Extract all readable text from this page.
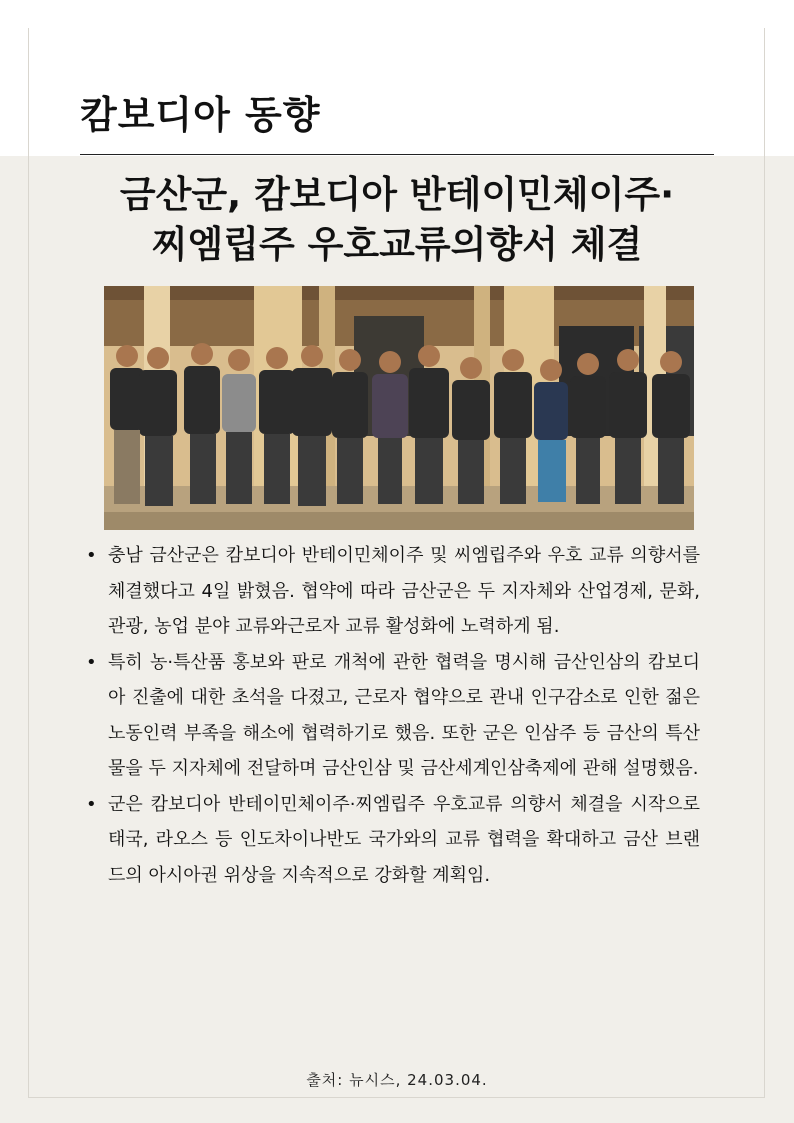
캄보디아 동향
금산군, 캄보디아 반테이민체이주·
찌엠립주 우호교류의향서 체결
• 충남 금산군은 캄보디아 반테이민체이주 및 씨엠립주와 우호 교류 의향서를 체결했다고 4일 밝혔음. 협약에 따라 금산군은 두 지자체와 산업경제, 문화, 관광, 농업 분야 교류와근로자 교류 활성화에 노력하게 됨.
• 특히 농·특산품 홍보와 판로 개척에 관한 협력을 명시해 금산인삼의 캄보디아 진출에 대한 초석을 다졌고, 근로자 협약으로 관내 인구감소로 인한 젊은 노동인력 부족을 해소에 협력하기로 했음. 또한 군은 인삼주 등 금산의 특산물을 두 지자체에 전달하며 금산인삼 및 금산세계인삼축제에 관해 설명했음.
• 군은 캄보디아 반테이민체이주·찌엠립주 우호교류 의향서 체결을 시작으로 태국, 라오스 등 인도차이나반도 국가와의 교류 협력을 확대하고 금산 브랜드의 아시아권 위상을 지속적으로 강화할 계획임.
출처: 뉴시스, 24.03.04.
